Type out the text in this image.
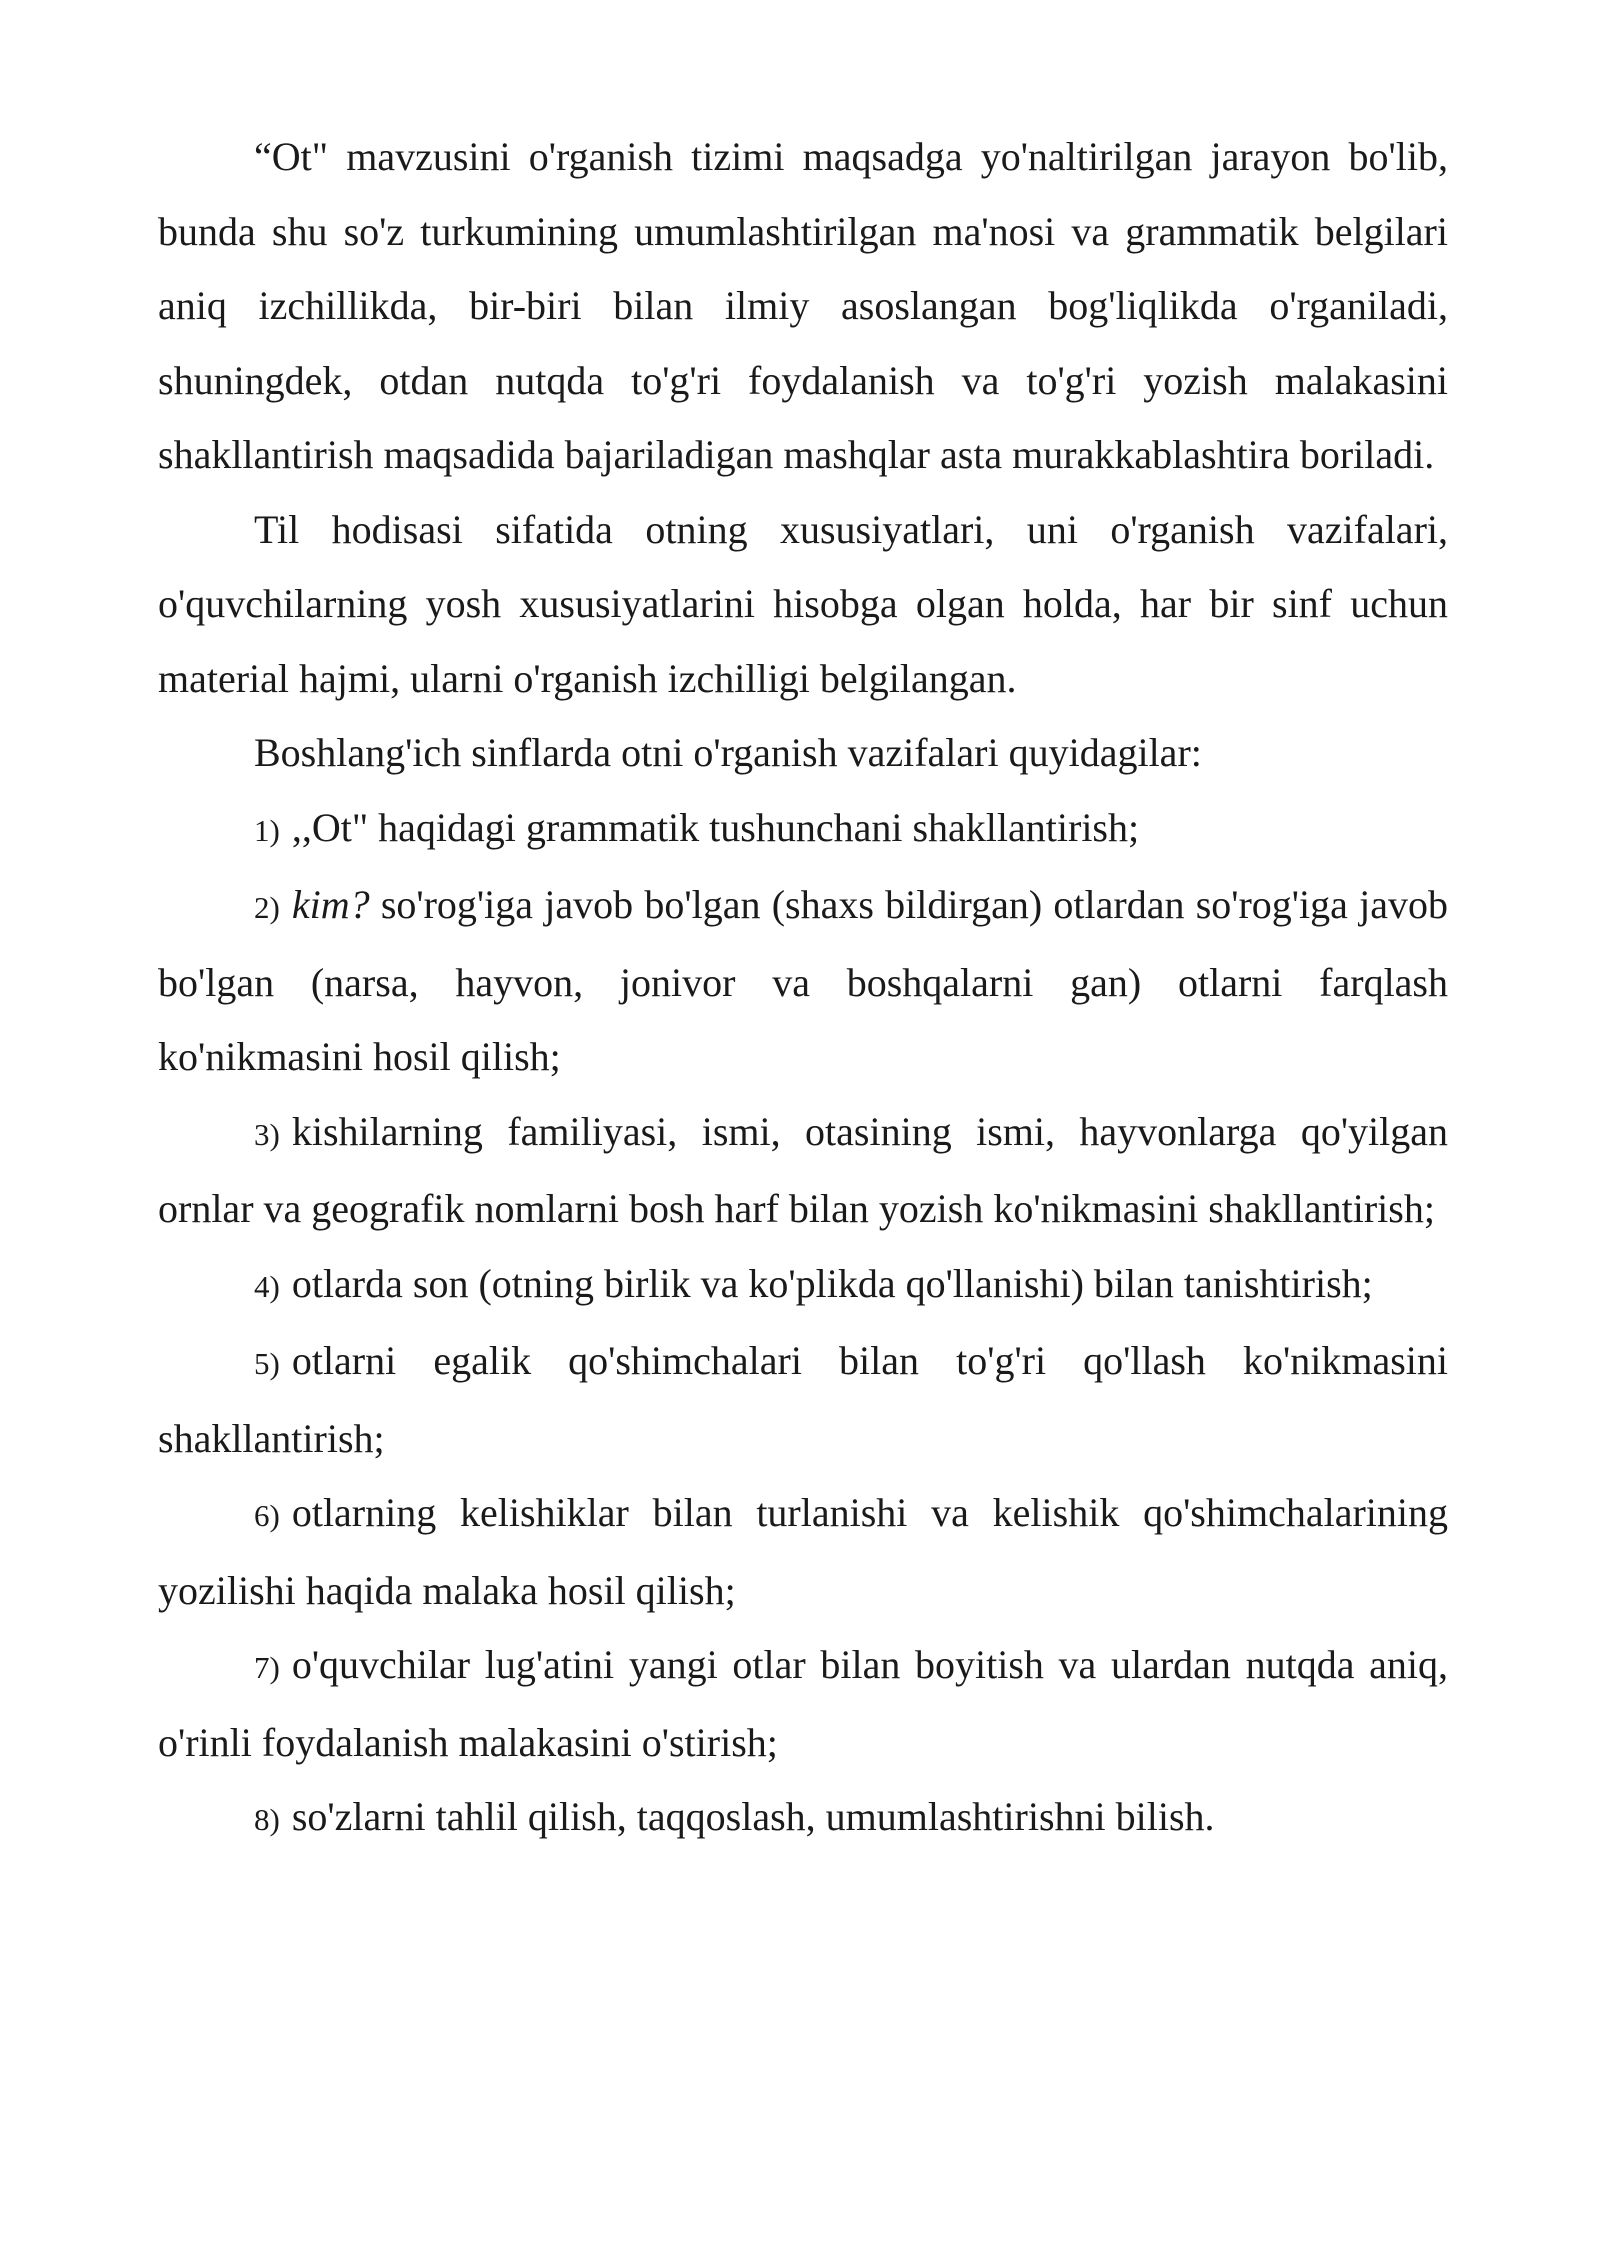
“Ot" mavzusini o'rganish tizimi maqsadga yo'naltirilgan jarayon bo'lib, bunda shu so'z turkumining umumlashtirilgan ma'nosi va grammatik belgilari aniq izchillikda, bir-biri bilan ilmiy asoslangan bog'liqlikda o'rganiladi, shuningdek, otdan nutqda to'g'ri foydalanish va to'g'ri yozish malakasini shakllantirish maqsadida bajariladigan mashqlar asta murakkablashtira boriladi.

Til hodisasi sifatida otning xususiyatlari, uni o'rganish vazifalari, o'quvchilarning yosh xususiyatlarini hisobga olgan holda, har bir sinf uchun material hajmi, ularni o'rganish izchilligi belgilangan.

Boshlang'ich sinflarda otni o'rganish vazifalari quyidagilar:

1) ,,Ot" haqidagi grammatik tushunchani shakllantirish;

2) kim? so'rog'iga javob bo'lgan (shaxs bildirgan) otlardan so'rog'iga javob bo'lgan (narsa, hayvon, jonivor va boshqalarni gan) otlarni farqlash ko'nikmasini hosil qilish;

3) kishilarning familiyasi, ismi, otasining ismi, hayvonlarga qo'yilgan ornlar va geografik nomlarni bosh harf bilan yozish ko'nikmasini shakllantirish;

4) otlarda son (otning birlik va ko'plikda qo'llanishi) bilan tanishtirish;

5) otlarni egalik qo'shimchalari bilan to'g'ri qo'llash ko'nikmasini shakllantirish;

6) otlarning kelishiklar bilan turlanishi va kelishik qo'shimchalarining yozilishi haqida malaka hosil qilish;

7) o'quvchilar lug'atini yangi otlar bilan boyitish va ulardan nutqda aniq, o'rinli foydalanish malakasini o'stirish;

8) so'zlarni tahlil qilish, taqqoslash, umumlashtirishni bilish.
